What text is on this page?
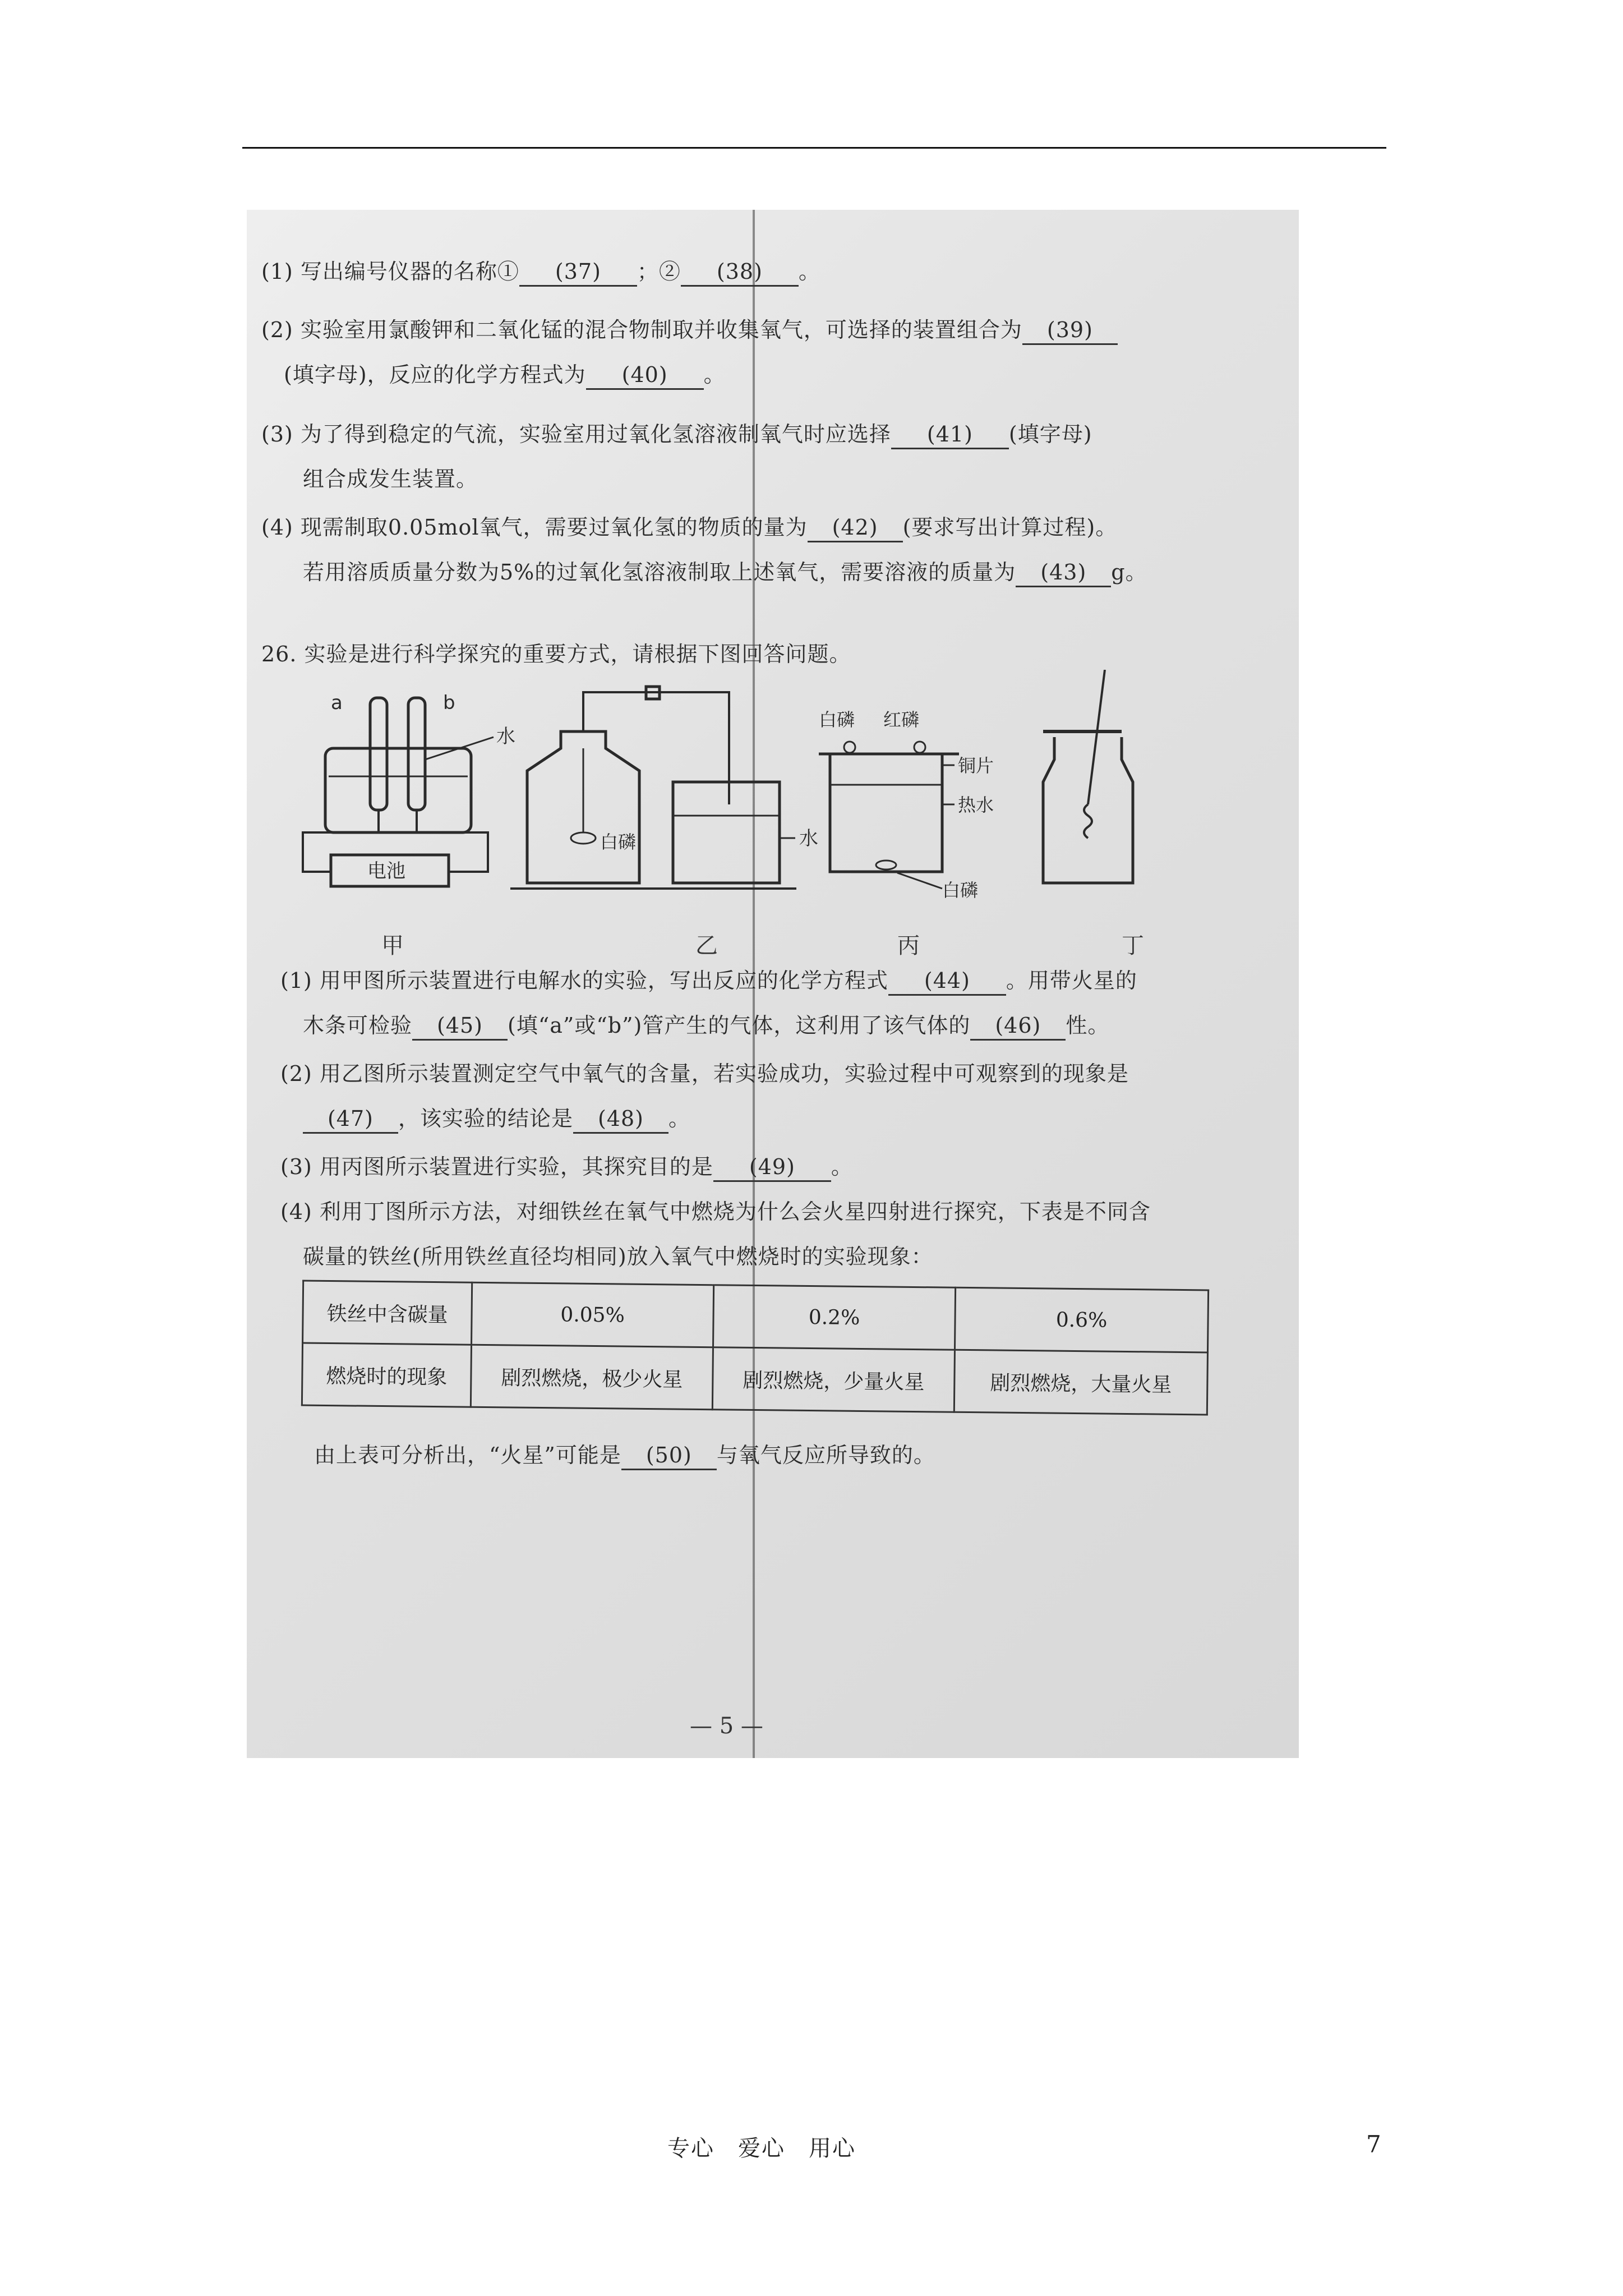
(1) 写出编号仪器的名称① (37) ；② (38) 。
(2) 实验室用氯酸钾和二氧化锰的混合物制取并收集氧气，可选择的装置组合为 (39)
(填字母)，反应的化学方程式为 (40) 。
(3) 为了得到稳定的气流，实验室用过氧化氢溶液制氧气时应选择 (41) (填字母)
组合成发生装置。
(4) 现需制取0.05mol氧气，需要过氧化氢的物质的量为 (42) (要求写出计算过程)。
若用溶质质量分数为5%的过氧化氢溶液制取上述氧气，需要溶液的质量为 (43) g。
26. 实验是进行科学探究的重要方式，请根据下图回答问题。
a	b
水
电池
白磷	水
白磷 红磷
铜片
热水
白磷
甲	乙	丙	丁
(1) 用甲图所示装置进行电解水的实验，写出反应的化学方程式 (44) 。用带火星的
木条可检验 (45) (填“a”或“b”)管产生的气体，这利用了该气体的 (46) 性。
(2) 用乙图所示装置测定空气中氧气的含量，若实验成功，实验过程中可观察到的现象是
(47) ，该实验的结论是 (48) 。
(3) 用丙图所示装置进行实验，其探究目的是 (49) 。
(4) 利用丁图所示方法，对细铁丝在氧气中燃烧为什么会火星四射进行探究，下表是不同含
碳量的铁丝(所用铁丝直径均相同)放入氧气中燃烧时的实验现象：
铁丝中含碳量	0.05%	0.2%	0.6%
燃烧时的现象	剧烈燃烧，极少火星	剧烈燃烧，少量火星	剧烈燃烧，大量火星
由上表可分析出，“火星”可能是 (50) 与氧气反应所导致的。
— 5 —
专心　爱心　用心	7
